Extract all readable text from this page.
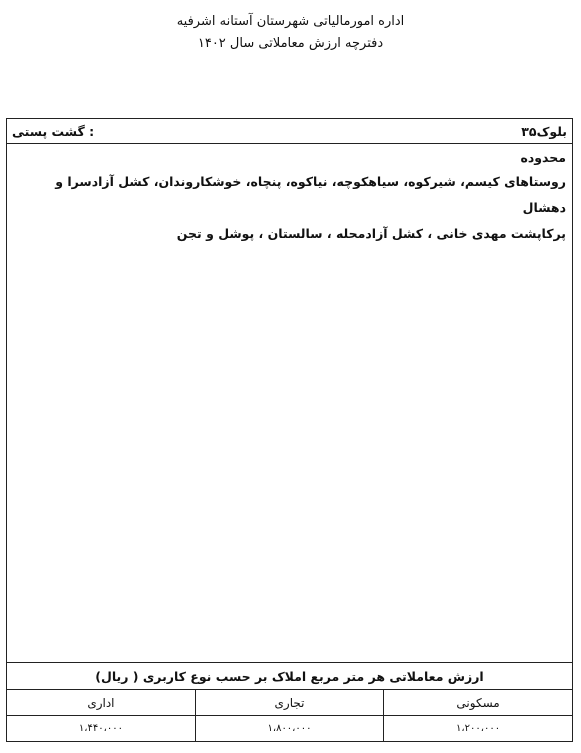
اداره امورمالیاتی شهرستان آستانه اشرفیه
دفترچه ارزش معاملاتی سال ۱۴۰۲
بلوک۳۵
: گشت پستی
محدوده
روستاهای کیسم، شیرکوه، سیاهکوچه، نیاکوه، پنچاه، خوشکاروندان، کشل آزادسرا و دهشال
پرکاپشت مهدی خانی ، کشل آزادمحله ، سالستان ، پوشل و تجن
ارزش معاملاتی هر متر مربع املاک بر حسب نوع کاربری ( ریال)
مسکونی	تجاری	اداری
۱،۲۰۰،۰۰۰	۱،۸۰۰،۰۰۰	۱،۴۴۰،۰۰۰
